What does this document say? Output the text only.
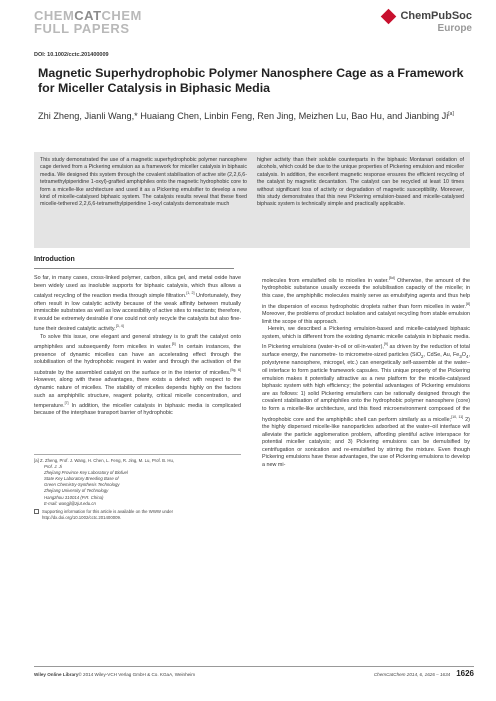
CHEMCATCHEM
FULL PAPERS
ChemPubSoc
Europe
DOI: 10.1002/cctc.201400009
Magnetic Superhydrophobic Polymer Nanosphere Cage as a Framework for Miceller Catalysis in Biphasic Media
Zhi Zheng, Jianli Wang,* Huaiang Chen, Linbin Feng, Ren Jing, Meizhen Lu, Bao Hu, and Jianbing Ji[a]

This study demonstrated the use of a magnetic superhydrophobic polymer nanosphere cage derived from a Pickering emulsion as a framework for miceller catalysis in biphasic media. We designed this system through the covalent stabilisation of active site (2,2,6,6-tetramethylpiperidine 1-oxyl)-grafted amphiphiles onto the magnetic hydrophobic core to form a micelle-like architecture and used it as a Pickering emulsifier to develop a new kind of micelle-catalysed biphasic system. The catalysis results reveal that these fixed micelle-tethered 2,2,6,6-tetramethylpiperidine 1-oxyl catalysts demonstrate much

higher activity than their soluble counterparts in the biphasic Montanari oxidation of alcohols, which could be due to the unique properties of Pickering emulsion and miceller catalysis. In addition, the excellent magnetic response ensures the efficient recycling of the catalyst by magnetic decantation. The catalyst can be recycled at least 10 times without significant loss of activity or degradation of magnetic susceptibility. Moreover, this study demonstrates that this new Pickering emulsion-based and micelle-catalysed biphasic system is technically simple and practically applicable.

Introduction

So far, in many cases, cross-linked polymer, carbon, silica gel, and metal oxide have been widely used as insoluble supports for biphasic catalysis, which thus allows a catalyst recycling of the reaction media through simple filtration.[1, 2] Unfortunately, they often result in low catalytic activity because of the weak affinity between mutually immiscible substrates as well as low accessibility of active sites to reactants; therefore, it would be extremely desirable if one could not only recycle the catalysts but also fine-tune their desired catalytic activity.[3, 4]

To solve this issue, one elegant and general strategy is to graft the catalyst onto amphiphiles and subsequently form micelles in water.[5] In certain instances, the presence of dynamic micelles can have an accelerating effect through the solubilisation of the hydrophobic reagent in water and through the activation of the substrate by the assembled catalyst on the surface or in the interior of micelles.[5g, 6] However, along with these advantages, there exists a defect with respect to the dynamic nature of micelles. The stability of micelles depends highly on the factors such as amphiphilic structure, reagent polarity, critical micelle concentration, and temperature.[7] In addition, the miceller catalysis in biphasic media is complicated because of the interphase transport barrier of hydrophobic

molecules from emulsified oils to micelles in water.[5d] Otherwise, the amount of the hydrophobic substance usually exceeds the solubilisation capacity of the micelle; in this case, the amphiphilic molecules mainly serve as emulsifying agents and thus help in the dispersion of excess hydrophobic droplets rather than form micelles in water.[8] Moreover, the problems of product isolation and catalyst recycling from stable emulsion limit the scope of this approach.

Herein, we described a Pickering emulsion-based and micelle-catalysed biphasic system, which is different from the existing dynamic micelle catalysis in biphasic media. In Pickering emulsions (water-in-oil or oil-in-water),[9] as driven by the reduction of total surface energy, the nanometre- to micrometre-sized particles (SiO$_2$, CdSe, Au, $Fe_3O_4$, polystyrene nanosphere, microgel, etc.) can energetically self-assemble at the water–oil interface to form particle framework capsules. This unique property of the Pickering emulsion makes it potentially attractive as a new platform for the micelle-catalysed biphasic system with high efficiency; the potential advantages of Pickering emulsions are as follows: 1) solid Pickering emulsifiers can be rationally designed through the covalent stabilisation of amphiphiles onto the hydrophobic polymer nanosphere (core) to form a micelle-like architecture, and this fixed microenvironment composed of the hydrophobic core and the amphiphilic shell can perform similarly as a micelle;[10, 11] 2) the highly dispersed micelle-like nanoparticles adsorbed at the water–oil interface will alleviate the particle agglomeration problem, affording plentiful active interspace for potential miceller catalysis; and 3) Pickering emulsions can be demulsified by centrifugation or sonication and re-emulsified by stirring the mixture. Even though Pickering emulsions have these advantages, the use of Pickering emulsions to develop a new mi-

[a] Z. Zheng, Prof. J. Wang, H. Chen, L. Feng, R. Jing, M. Lu, Prof. B. Hu,
Prof. J. Ji
Zhejiang Province Key Laboratory of Biofuel
State Key Laboratory Breeding Base of
Green Chemistry-Synthesis Technology
Zhejiang University of Technology
Hangzhou 310014 (P.R. China)
E-mail: wangjl@zjut.edu.cn
Supporting information for this article is available on the WWW under http://dx.doi.org/10.1002/cctc.201400009.
Wiley Online Library © 2014 Wiley-VCH Verlag GmbH & Co. KGaA, Weinheim	ChemCatChem 2014, 6, 1626 – 1634 1626
